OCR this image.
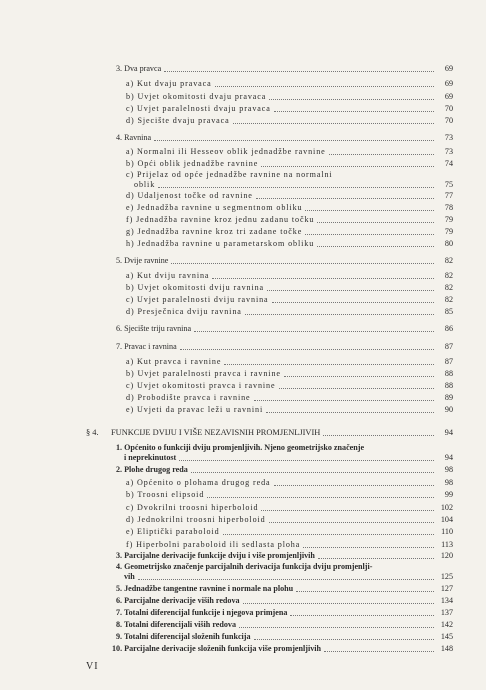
3. Dva pravca	69
a) Kut dvaju pravaca	69
b) Uvjet okomitosti dvaju pravaca	69
c) Uvjet paralelnosti dvaju pravaca	70
d) Sjecište dvaju pravaca	70
4. Ravnina	73
a) Normalni ili Hesseov oblik jednadžbe ravnine	73
b) Opći oblik jednadžbe ravnine	74
c) Prijelaz od opće jednadžbe ravnine na normalni
oblik	75
d) Udaljenost točke od ravnine	77
e) Jednadžba ravnine u segmentnom obliku	78
f) Jednadžba ravnine kroz jednu zadanu točku	79
g) Jednadžba ravnine kroz tri zadane točke	79
h) Jednadžba ravnine u parametarskom obliku	80
5. Dvije ravnine	82
a) Kut dviju ravnina	82
b) Uvjet okomitosti dviju ravnina	82
c) Uvjet paralelnosti dviju ravnina	82
d) Presječnica dviju ravnina	85
6. Sjecište triju ravnina	86
7. Pravac i ravnina	87
a) Kut pravca i ravnine	87
b) Uvjet paralelnosti pravca i ravnine	88
c) Uvjet okomitosti pravca i ravnine	88
d) Probodište pravca i ravnine	89
e) Uvjeti da pravac leži u ravnini	90
§ 4.	FUNKCIJE DVIJU I VIŠE NEZAVISNIH PROMJENLJIVIH	94
1. Općenito o funkciji dviju promjenljivih. Njeno geometrijsko značenje
i neprekinutost	94
2. Plohe drugog reda	98
a) Općenito o plohama drugog reda	98
b) Troosni elipsoid	99
c) Dvokrilni troosni hiperboloid	102
d) Jednokrilni troosni hiperboloid	104
e) Eliptički paraboloid	110
f) Hiperbolni paraboloid ili sedlasta ploha	113
3. Parcijalne derivacije funkcije dviju i više promjenljivih	120
4. Geometrijsko značenje parcijalnih derivacija funkcija dviju promjenlji-
vih	125
5. Jednadžbe tangentne ravnine i normale na plohu	127
6. Parcijalne derivacije viših redova	134
7. Totalni diferencijal funkcije i njegova primjena	137
8. Totalni diferencijali viših redova	142
9. Totalni diferencijal složenih funkcija	145
10. Parcijalne derivacije složenih funkcija više promjenljivih	148
VI
